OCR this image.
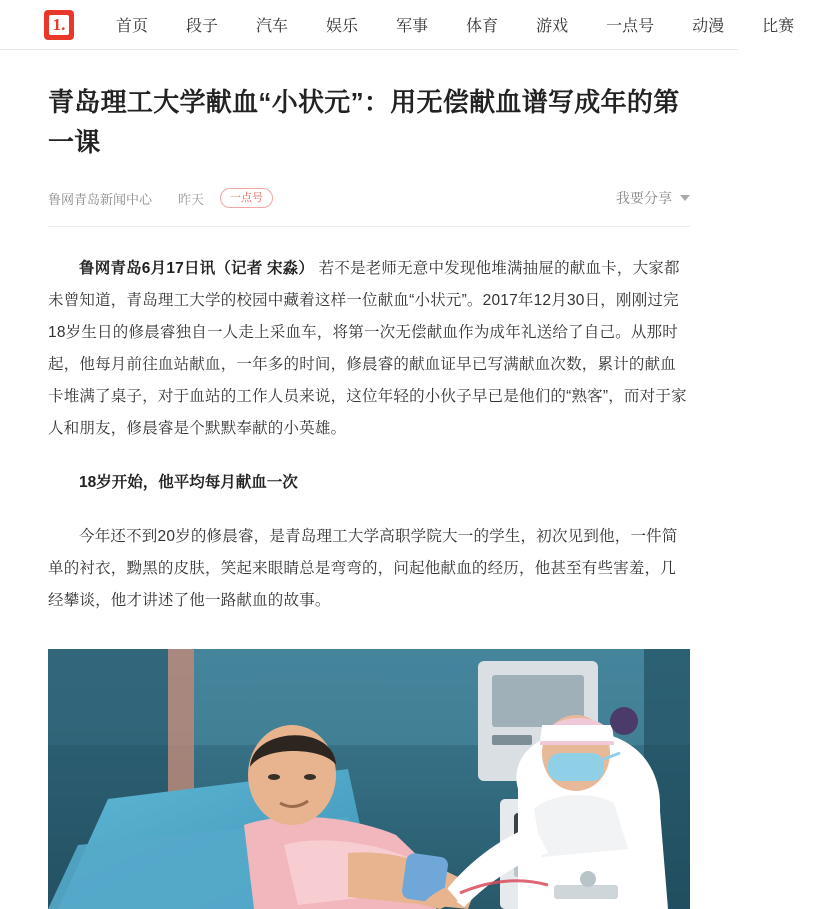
1.	首页 段子 汽车 娱乐 军事 体育 游戏 一点号 动漫 比赛
青岛理工大学献血“小状元”：用无偿献血谱写成年的第一课
鲁网青岛新闻中心 昨天	一点号	我要分享

鲁网青岛6月17日讯（记者 宋淼） 若不是老师无意中发现他堆满抽屉的献血卡，大家都未曾知道，青岛理工大学的校园中藏着这样一位献血“小状元”。2017年12月30日，刚刚过完18岁生日的修晨睿独自一人走上采血车，将第一次无偿献血作为成年礼送给了自己。从那时起，他每月前往血站献血，一年多的时间，修晨睿的献血证早已写满献血次数，累计的献血卡堆满了桌子，对于血站的工作人员来说，这位年轻的小伙子早已是他们的“熟客”，而对于家人和朋友，修晨睿是个默默奉献的小英雄。

18岁开始，他平均每月献血一次

今年还不到20岁的修晨睿，是青岛理工大学高职学院大一的学生，初次见到他，一件简单的衬衣，黝黑的皮肤，笑起来眼睛总是弯弯的，问起他献血的经历，他甚至有些害羞，几经攀谈，他才讲述了他一路献血的故事。
